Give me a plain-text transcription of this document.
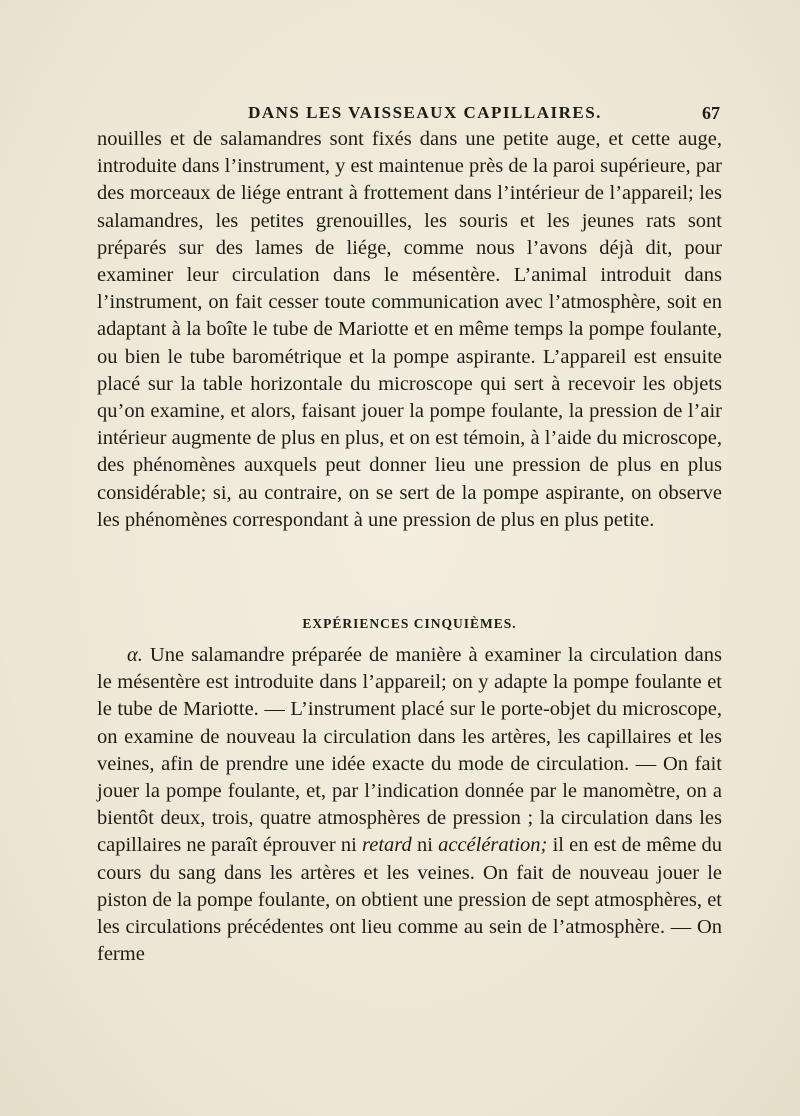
DANS LES VAISSEAUX CAPILLAIRES.	67
nouilles et de salamandres sont fixés dans une petite auge, et cette auge, introduite dans l’instrument, y est maintenue près de la paroi supérieure, par des morceaux de liége entrant à frottement dans l’intérieur de l’appareil; les salamandres, les petites grenouilles, les souris et les jeunes rats sont préparés sur des lames de liége, comme nous l’avons déjà dit, pour examiner leur circulation dans le mésentère. L’animal introduit dans l’instrument, on fait cesser toute communication avec l’atmosphère, soit en adaptant à la boîte le tube de Mariotte et en même temps la pompe foulante, ou bien le tube barométrique et la pompe aspirante. L’appareil est ensuite placé sur la table horizontale du microscope qui sert à recevoir les objets qu’on examine, et alors, faisant jouer la pompe foulante, la pression de l’air intérieur augmente de plus en plus, et on est témoin, à l’aide du microscope, des phénomènes auxquels peut donner lieu une pression de plus en plus considérable; si, au contraire, on se sert de la pompe aspirante, on observe les phénomènes correspondant à une pression de plus en plus petite.
EXPÉRIENCES CINQUIÈMES.
α. Une salamandre préparée de manière à examiner la circulation dans le mésentère est introduite dans l’appareil; on y adapte la pompe foulante et le tube de Mariotte. — L’instrument placé sur le porte-objet du microscope, on examine de nouveau la circulation dans les artères, les capillaires et les veines, afin de prendre une idée exacte du mode de circulation. — On fait jouer la pompe foulante, et, par l’indication donnée par le manomètre, on a bientôt deux, trois, quatre atmosphères de pression ; la circulation dans les capillaires ne paraît éprouver ni retard ni accélération; il en est de même du cours du sang dans les artères et les veines. On fait de nouveau jouer le piston de la pompe foulante, on obtient une pression de sept atmosphères, et les circulations précédentes ont lieu comme au sein de l’atmosphère. — On ferme
